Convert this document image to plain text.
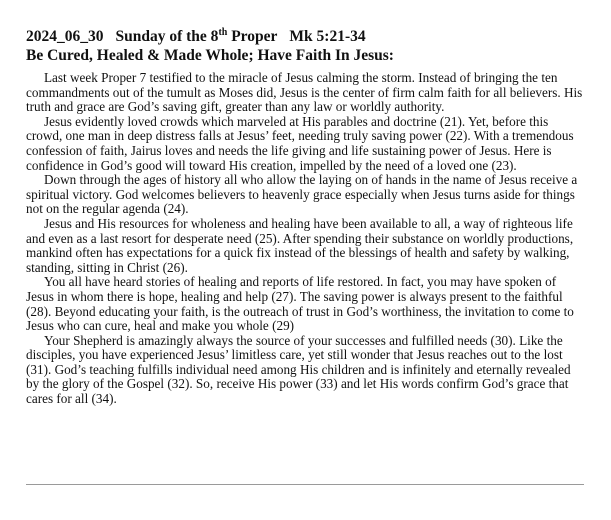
2024_06_30 Sunday of the 8th Proper Mk 5:21-34
Be Cured, Healed & Made Whole; Have Faith In Jesus:

Last week Proper 7 testified to the miracle of Jesus calming the storm. Instead of bringing the ten commandments out of the tumult as Moses did, Jesus is the center of firm calm faith for all believers. His truth and grace are God’s saving gift, greater than any law or worldly authority.

Jesus evidently loved crowds which marveled at His parables and doctrine (21). Yet, before this crowd, one man in deep distress falls at Jesus’ feet, needing truly saving power (22). With a tremendous confession of faith, Jairus loves and needs the life giving and life sustaining power of Jesus. Here is confidence in God’s good will toward His creation, impelled by the need of a loved one (23).

Down through the ages of history all who allow the laying on of hands in the name of Jesus receive a spiritual victory. God welcomes believers to heavenly grace especially when Jesus turns aside for things not on the regular agenda (24).

Jesus and His resources for wholeness and healing have been available to all, a way of righteous life and even as a last resort for desperate need (25). After spending their substance on worldly productions, mankind often has expectations for a quick fix instead of the blessings of health and safety by walking, standing, sitting in Christ (26).

You all have heard stories of healing and reports of life restored. In fact, you may have spoken of Jesus in whom there is hope, healing and help (27). The saving power is always present to the faithful (28). Beyond educating your faith, is the outreach of trust in God’s worthiness, the invitation to come to Jesus who can cure, heal and make you whole (29)

Your Shepherd is amazingly always the source of your successes and fulfilled needs (30). Like the disciples, you have experienced Jesus’ limitless care, yet still wonder that Jesus reaches out to the lost (31). God’s teaching fulfills individual need among His children and is infinitely and eternally revealed by the glory of the Gospel (32). So, receive His power (33) and let His words confirm God’s grace that cares for all (34).
